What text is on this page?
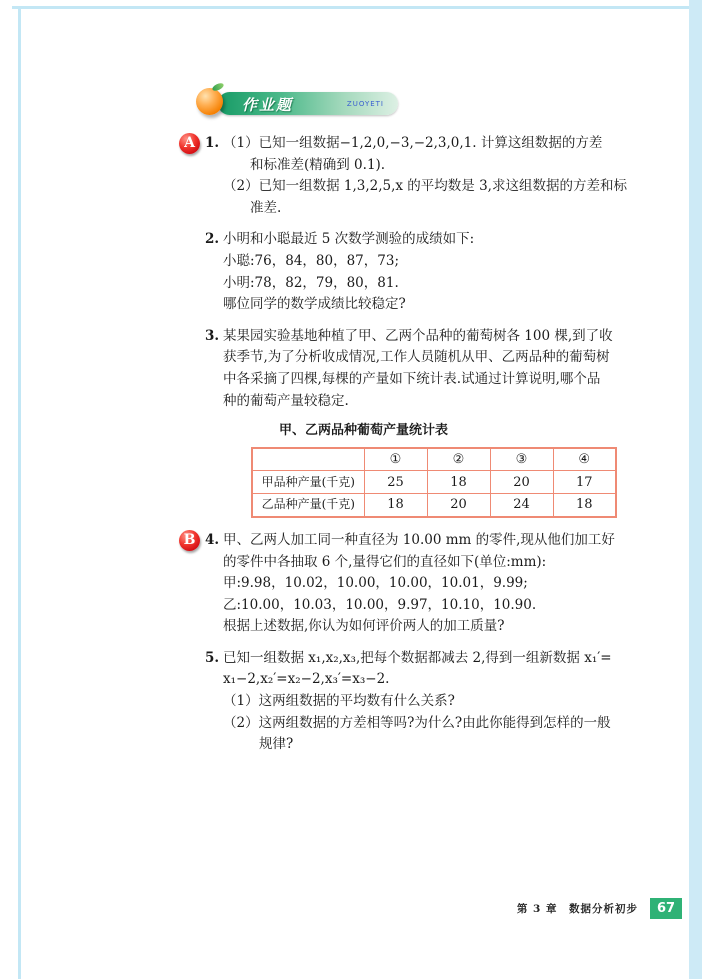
作业题	ZUOYETI
A 1. （1）已知一组数据−1,2,0,−3,−2,3,0,1. 计算这组数据的方差
和标准差(精确到 0.1).
（2）已知一组数据 1,3,2,5,x 的平均数是 3,求这组数据的方差和标
准差.
2. 小明和小聪最近 5 次数学测验的成绩如下:
小聪:76，84，80，87，73;
小明:78，82，79，80，81.
哪位同学的数学成绩比较稳定?
3. 某果园实验基地种植了甲、乙两个品种的葡萄树各 100 棵,到了收
获季节,为了分析收成情况,工作人员随机从甲、乙两品种的葡萄树
中各采摘了四棵,每棵的产量如下统计表.试通过计算说明,哪个品
种的葡萄产量较稳定.
甲、乙两品种葡萄产量统计表
	①	②	③	④
甲品种产量(千克)	25	18	20	17
乙品种产量(千克)	18	20	24	18
B 4. 甲、乙两人加工同一种直径为 10.00 mm 的零件,现从他们加工好
的零件中各抽取 6 个,量得它们的直径如下(单位:mm):
甲:9.98，10.02，10.00，10.00，10.01，9.99;
乙:10.00，10.03，10.00，9.97，10.10，10.90.
根据上述数据,你认为如何评价两人的加工质量?
5. 已知一组数据 x₁,x₂,x₃,把每个数据都减去 2,得到一组新数据 x₁′=
x₁−2,x₂′=x₂−2,x₃′=x₃−2.
（1）这两组数据的平均数有什么关系?
（2）这两组数据的方差相等吗?为什么?由此你能得到怎样的一般
规律?
第 3 章　数据分析初步	67
